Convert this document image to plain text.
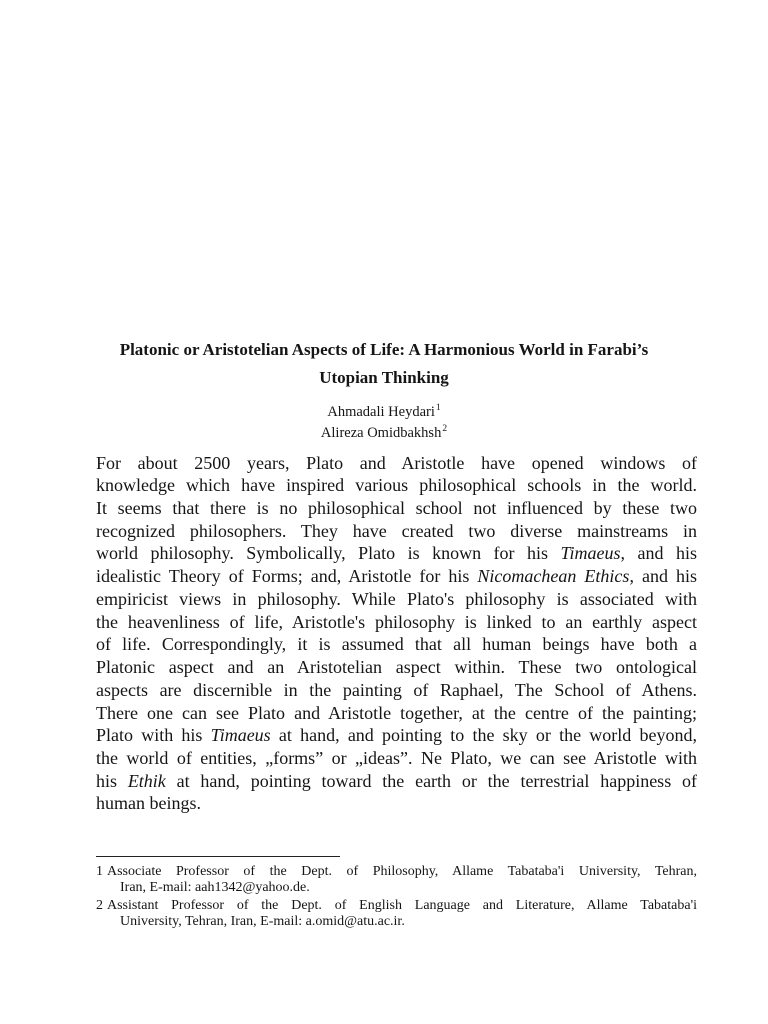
Platonic or Aristotelian Aspects of Life: A Harmonious World in Farabi’s
Utopian Thinking
Ahmadali Heydari$^1$
Alireza Omidbakhsh$^2$
For about 2500 years, Plato and Aristotle have opened windows of
knowledge which have inspired various philosophical schools in the world.
It seems that there is no philosophical school not influenced by these two
recognized philosophers. They have created two diverse mainstreams in
world philosophy. Symbolically, Plato is known for his Timaeus, and his
idealistic Theory of Forms; and, Aristotle for his Nicomachean Ethics, and his
empiricist views in philosophy. While Plato's philosophy is associated with
the heavenliness of life, Aristotle's philosophy is linked to an earthly aspect
of life. Correspondingly, it is assumed that all human beings have both a
Platonic aspect and an Aristotelian aspect within. These two ontological
aspects are discernible in the painting of Raphael, The School of Athens.
There one can see Plato and Aristotle together, at the centre of the painting;
Plato with his Timaeus at hand, and pointing to the sky or the world beyond,
the world of entities, „forms” or „ideas”. Ne Plato, we can see Aristotle with
his Ethik at hand, pointing toward the earth or the terrestrial happiness of
human beings.
1 Associate Professor of the Dept. of Philosophy, Allame Tabataba'i University, Tehran,
Iran, E-mail: aah1342@yahoo.de.
2 Assistant Professor of the Dept. of English Language and Literature, Allame Tabataba'i
University, Tehran, Iran, E-mail: a.omid@atu.ac.ir.
